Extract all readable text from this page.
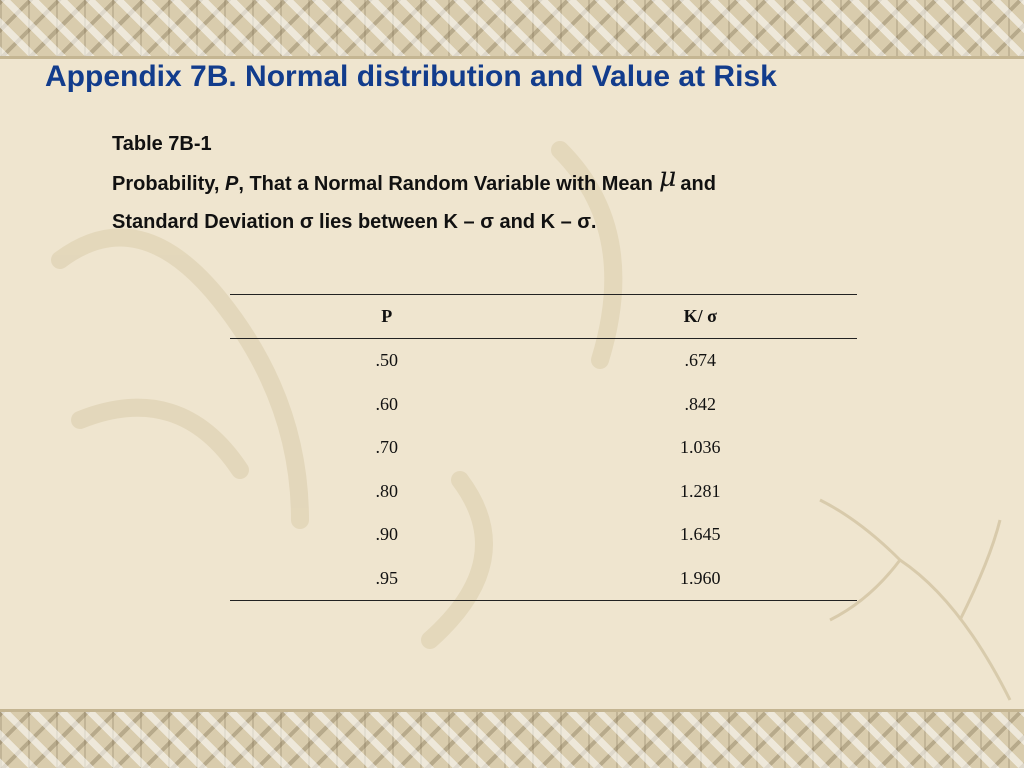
Appendix 7B. Normal distribution and Value at Risk
Table 7B-1
Probability, P, That a Normal Random Variable with Mean μ and
Standard Deviation σ lies between K – σ and K – σ.
P	K/ σ
.50	.674
.60	.842
.70	1.036
.80	1.281
.90	1.645
.95	1.960
